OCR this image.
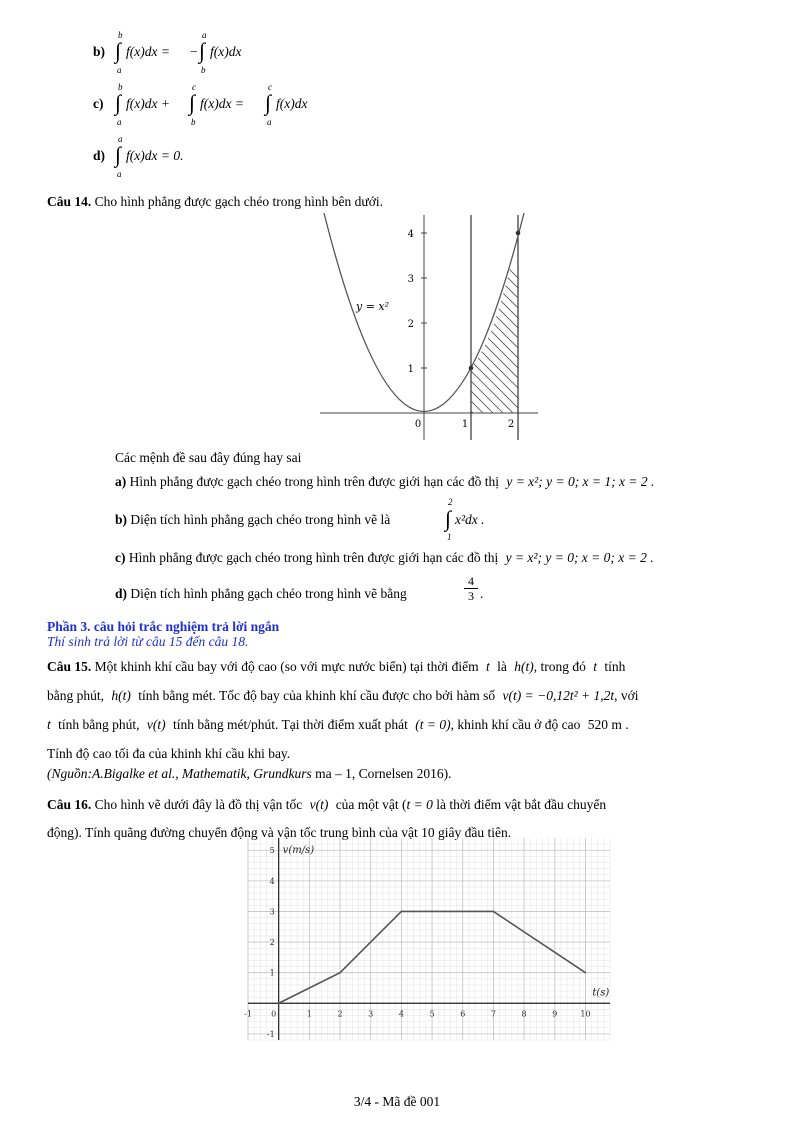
b)
b
∫
a
f(x)dx = −
a
∫
b
f(x)dx
c)
b
∫
a
f(x)dx +
c
∫
b
f(x)dx =
c
∫
a
f(x)dx
d)
a
∫
a
f(x)dx = 0.
Câu 14. Cho hình phẳng được gạch chéo trong hình bên dưới.
1
2
3
4
0	1	2
y = x²
Các mệnh đề sau đây đúng hay sai
a) Hình phẳng được gạch chéo trong hình trên được giới hạn các đồ thị y = x²; y = 0; x = 1; x = 2 .
b) Diện tích hình phẳng gạch chéo trong hình vẽ là
2
∫
1
x²dx .
c) Hình phẳng được gạch chéo trong hình trên được giới hạn các đồ thị y = x²; y = 0; x = 0; x = 2 .
d) Diện tích hình phẳng gạch chéo trong hình vẽ bằng
4
3 .
Phần 3. câu hỏi trắc nghiệm trả lời ngắn
Thí sinh trả lời từ câu 15 đến câu 18.
Câu 15. Một khinh khí cầu bay với độ cao (so với mực nước biển) tại thời điểm t là h(t), trong đó t tính
bằng phút, h(t) tính bằng mét. Tốc độ bay của khinh khí cầu được cho bởi hàm số v(t) = −0,12t² + 1,2t, với
t tính bằng phút, v(t) tính bằng mét/phút. Tại thời điểm xuất phát (t = 0), khinh khí cầu ở độ cao 520 m .
Tính độ cao tối đa của khinh khí cầu khi bay.
(Nguồn:A.Bigalke et al., Mathematik, Grundkurs ma – 1, Cornelsen 2016).
Câu 16. Cho hình vẽ dưới đây là đồ thị vận tốc v(t) của một vật (t = 0 là thời điểm vật bắt đầu chuyển
động). Tính quãng đường chuyển động và vận tốc trung bình của vật 10 giây đầu tiên.
-1 0	1	2	3	4	5	6	7	8	9	10
-1
1
2
3
4
5
t(s)
v(m/s)
3/4 - Mã đề 001
